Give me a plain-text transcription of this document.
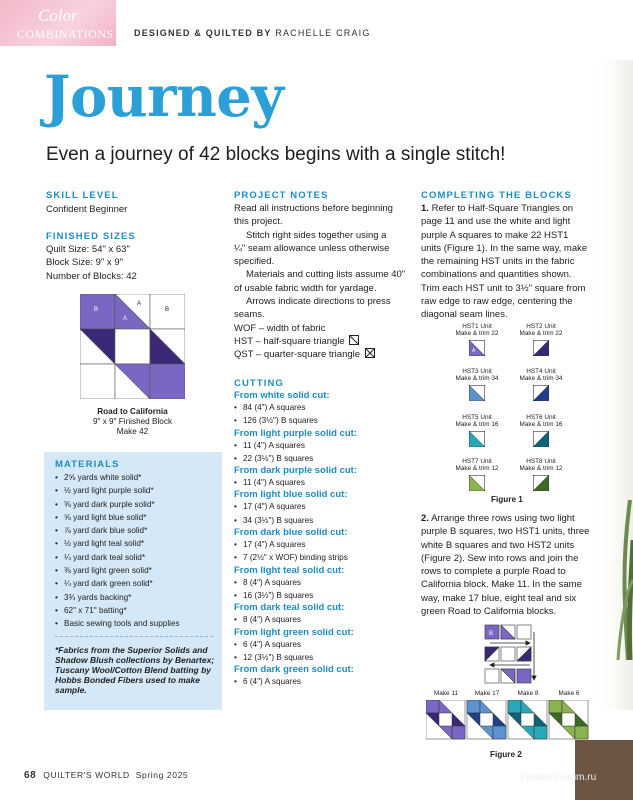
Color
COMBINATIONS DESIGNED & QUILTED BY RACHELLE CRAIG
Journey
Even a journey of 42 blocks begins with a single stitch!
SKILL LEVEL
Confident Beginner
FINISHED SIZES
Quilt Size: 54" x 63"
Block Size: 9" x 9"
Number of Blocks: 42
B
A
A
B
Road to California
9" x 9" Finished Block
Make 42
MATERIALS
• 2⅝ yards white solid*
• ½ yard light purple solid*
• ⅜ yard dark purple solid*
• ⅝ yard light blue solid*
• ⅞ yard dark blue solid*
• ½ yard light teal solid*
• ¼ yard dark teal solid*
• ⅜ yard light green solid*
• ¼ yard dark green solid*
• 3¾ yards backing*
• 62" x 71" batting*
• Basic sewing tools and supplies
*Fabrics from the Superior Solids and Shadow Blush collections by Benartex; Tuscany Wool/Cotton Blend batting by Hobbs Bonded Fibers used to make sample.
PROJECT NOTES
Read all instructions before beginning
this project.
Stitch right sides together using a
¼" seam allowance unless otherwise
specified.
Materials and cutting lists assume 40"
of usable fabric width for yardage.
Arrows indicate directions to press
seams.
WOF – width of fabric
HST – half-square triangle
QST – quarter-square triangle
CUTTING
From white solid cut:
• 84 (4") A squares
• 126 (3½") B squares
From light purple solid cut:
• 11 (4") A squares
• 22 (3½") B squares
From dark purple solid cut:
• 11 (4") A squares
From light blue solid cut:
• 17 (4") A squares
• 34 (3½") B squares
From dark blue solid cut:
• 17 (4") A squares
• 7 (2½" x WOF) binding strips
From light teal solid cut:
• 8 (4") A squares
• 16 (3½") B squares
From dark teal solid cut:
• 8 (4") A squares
From light green solid cut:
• 6 (4") A squares
• 12 (3½") B squares
From dark green solid cut:
• 6 (4") A squares
COMPLETING THE BLOCKS
1. Refer to Half-Square Triangles on
page 11 and use the white and light
purple A squares to make 22 HST1
units (Figure 1). In the same way, make
the remaining HST units in the fabric
combinations and quantities shown.
Trim each HST unit to 3½" square from
raw edge to raw edge, centering the
diagonal seam lines.
HST1 Unit
Make & trim 22
A
HST2 Unit
Make & trim 22
HST3 Unit
Make & trim 34
HST4 Unit
Make & trim 34
HST5 Unit
Make & trim 16
HST6 Unit
Make & trim 16
HST7 Unit
Make & trim 12
HST8 Unit
Make & trim 12
Figure 1
2. Arrange three rows using two light
purple B squares, two HST1 units, three
white B squares and two HST2 units
(Figure 2). Sew into rows and join the
rows to complete a purple Road to
California block. Make 11. In the same
way, make 17 blue, eight teal and six
green Road to California blocks.
B
Make 11	Make 17	Make 8	Make 6
Figure 2
68 QUILTER'S WORLD Spring 2025	PassionForum.ru
